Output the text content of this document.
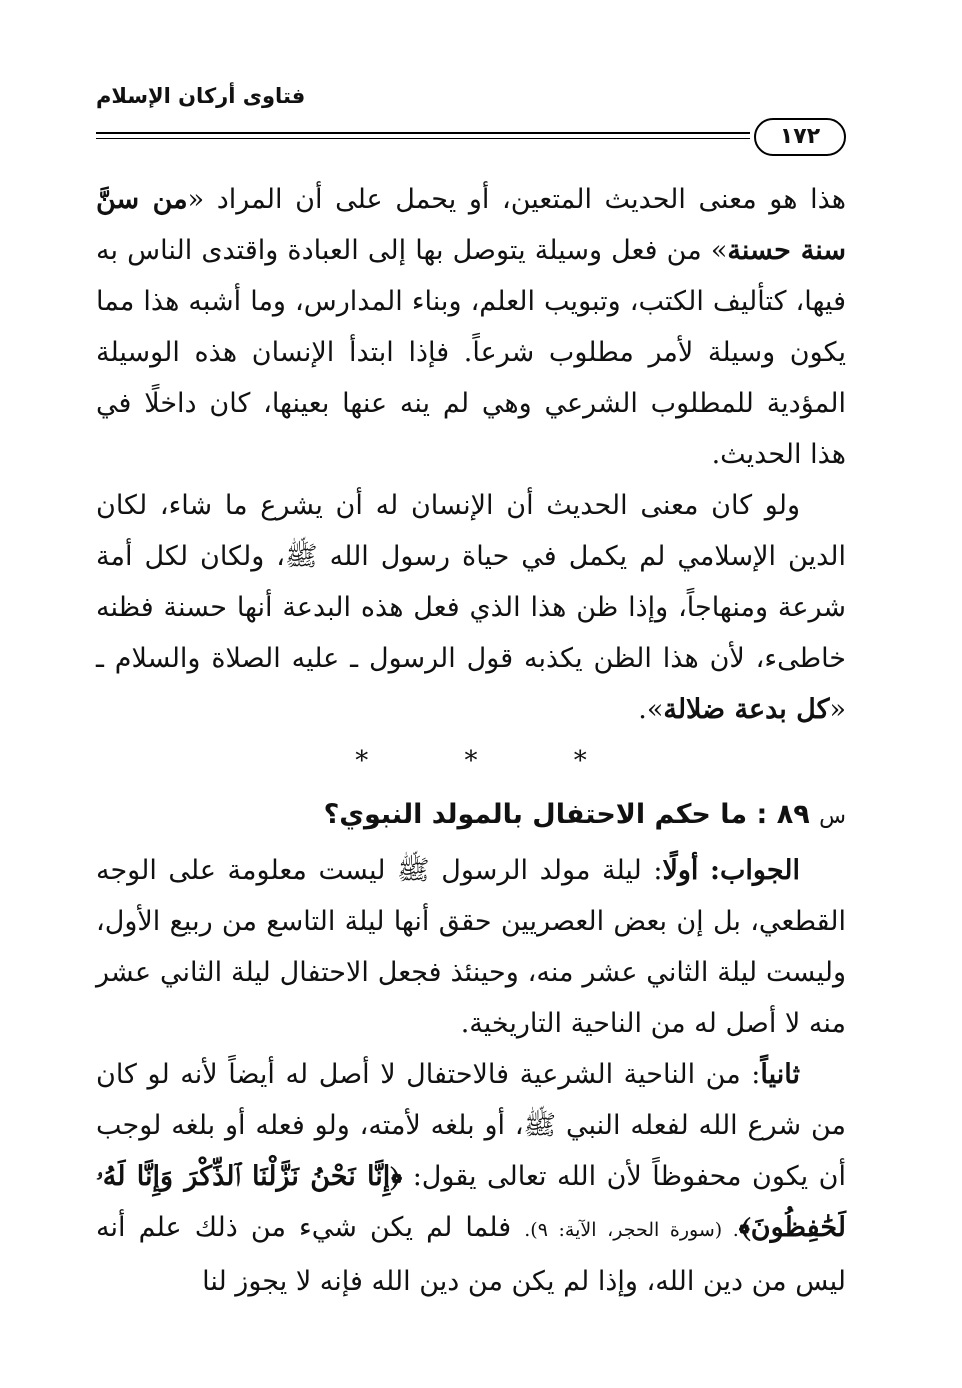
فتاوى أركان الإسلام
١٧٢

هذا هو معنى الحديث المتعين، أو يحمل على أن المراد «من سنَّ سنة حسنة» من فعل وسيلة يتوصل بها إلى العبادة واقتدى الناس به فيها، كتأليف الكتب، وتبويب العلم، وبناء المدارس، وما أشبه هذا مما يكون وسيلة لأمر مطلوب شرعاً. فإذا ابتدأ الإنسان هذه الوسيلة المؤدية للمطلوب الشرعي وهي لم ينه عنها بعينها، كان داخلًا في هذا الحديث.

ولو كان معنى الحديث أن الإنسان له أن يشرع ما شاء، لكان الدين الإسلامي لم يكمل في حياة رسول الله ﷺ، ولكان لكل أمة شرعة ومنهاجاً، وإذا ظن هذا الذي فعل هذه البدعة أنها حسنة فظنه خاطىء، لأن هذا الظن يكذبه قول الرسول ـ عليه الصلاة والسلام ـ «كل بدعة ضلالة».

* * *
س ٨٩ : ما حكم الاحتفال بالمولد النبوي؟

الجواب: أولًا: ليلة مولد الرسول ﷺ ليست معلومة على الوجه القطعي، بل إن بعض العصريين حقق أنها ليلة التاسع من ربيع الأول، وليست ليلة الثاني عشر منه، وحينئذ فجعل الاحتفال ليلة الثاني عشر منه لا أصل له من الناحية التاريخية.

ثانياً: من الناحية الشرعية فالاحتفال لا أصل له أيضاً لأنه لو كان من شرع الله لفعله النبي ﷺ، أو بلغه لأمته، ولو فعله أو بلغه لوجب أن يكون محفوظاً لأن الله تعالى يقول: ﴿إِنَّا نَحْنُ نَزَّلْنَا ٱلذِّكْرَ وَإِنَّا لَهُۥ لَحَٰفِظُونَ﴾. (سورة الحجر، الآية: ٩). فلما لم يكن شيء من ذلك علم أنه ليس من دين الله، وإذا لم يكن من دين الله فإنه لا يجوز لنا
